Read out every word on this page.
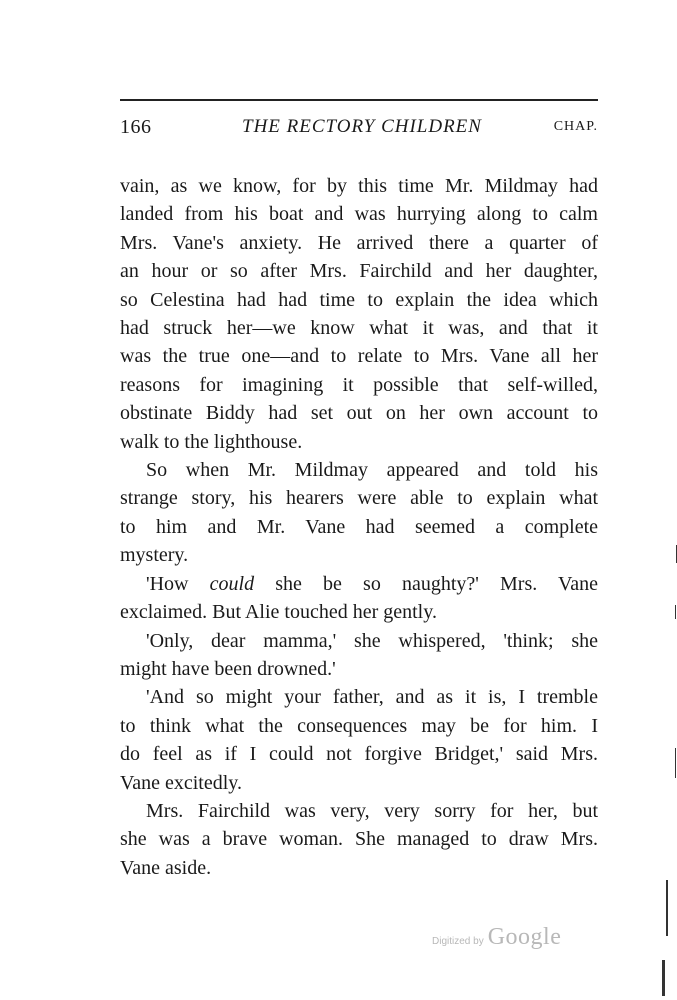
166	THE RECTORY CHILDREN	CHAP.

vain, as we know, for by this time Mr. Mildmay had
landed from his boat and was hurrying along to calm
Mrs. Vane's anxiety. He arrived there a quarter of
an hour or so after Mrs. Fairchild and her daughter,
so Celestina had had time to explain the idea which
had struck her—we know what it was, and that it
was the true one—and to relate to Mrs. Vane all her
reasons for imagining it possible that self-willed,
obstinate Biddy had set out on her own account to
walk to the lighthouse.

So when Mr. Mildmay appeared and told his
strange story, his hearers were able to explain what
to him and Mr. Vane had seemed a complete
mystery.

'How could she be so naughty?' Mrs. Vane
exclaimed. But Alie touched her gently.

'Only, dear mamma,' she whispered, 'think; she
might have been drowned.'

'And so might your father, and as it is, I tremble
to think what the consequences may be for him. I
do feel as if I could not forgive Bridget,' said Mrs.
Vane excitedly.

Mrs. Fairchild was very, very sorry for her, but
she was a brave woman. She managed to draw Mrs.
Vane aside.

Digitized by Google
